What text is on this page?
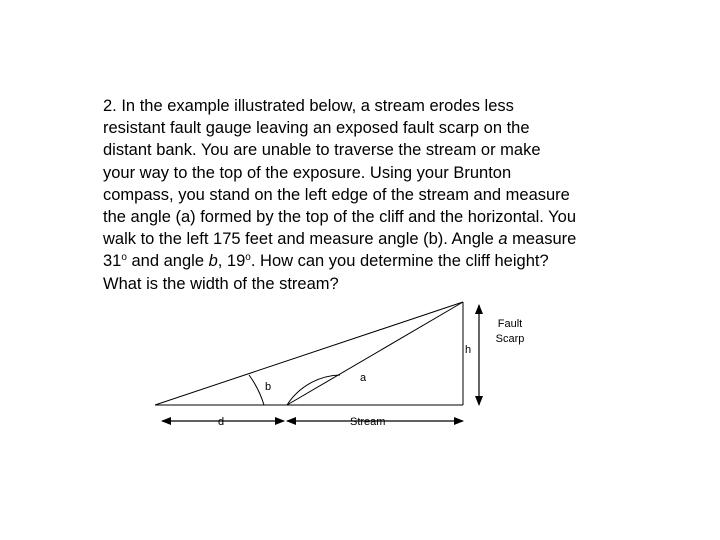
2. In the example illustrated below, a stream erodes less
resistant fault gauge leaving an exposed fault scarp on the
distant bank. You are unable to traverse the stream or make
your way to the top of the exposure. Using your Brunton
compass, you stand on the left edge of the stream and measure
the angle (a) formed by the top of the cliff and the horizontal. You
walk to the left 175 feet and measure angle (b). Angle a measure
31$^o$ and angle b, 19$^o$. How can you determine the cliff height?
What is the width of the stream?
h
Fault
Scarp
a
b
d	Stream
